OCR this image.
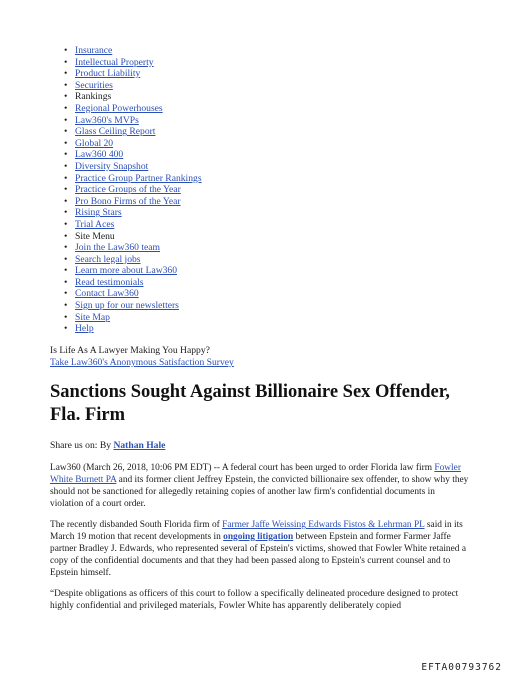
• Insurance
• Intellectual Property
• Product Liability
• Securities
• Rankings
• Regional Powerhouses
• Law360's MVPs
• Glass Ceiling Report
• Global 20
• Law360 400
• Diversity Snapshot
• Practice Group Partner Rankings
• Practice Groups of the Year
• Pro Bono Firms of the Year
• Rising Stars
• Trial Aces
• Site Menu
• Join the Law360 team
• Search legal jobs
• Learn more about Law360
• Read testimonials
• Contact Law360
• Sign up for our newsletters
• Site Map
• Help
Is Life As A Lawyer Making You Happy?
Take Law360's Anonymous Satisfaction Survey
Sanctions Sought Against Billionaire Sex Offender, Fla. Firm
Share us on: By Nathan Hale

Law360 (March 26, 2018, 10:06 PM EDT) -- A federal court has been urged to order Florida law firm Fowler White Burnett PA and its former client Jeffrey Epstein, the convicted billionaire sex offender, to show why they should not be sanctioned for allegedly retaining copies of another law firm's confidential documents in violation of a court order.

The recently disbanded South Florida firm of Farmer Jaffe Weissing Edwards Fistos & Lehrman PL said in its March 19 motion that recent developments in ongoing litigation between Epstein and former Farmer Jaffe partner Bradley J. Edwards, who represented several of Epstein's victims, showed that Fowler White retained a copy of the confidential documents and that they had been passed along to Epstein's current counsel and to Epstein himself.

“Despite obligations as officers of this court to follow a specifically delineated procedure designed to protect highly confidential and privileged materials, Fowler White has apparently deliberately copied

EFTA00793762
